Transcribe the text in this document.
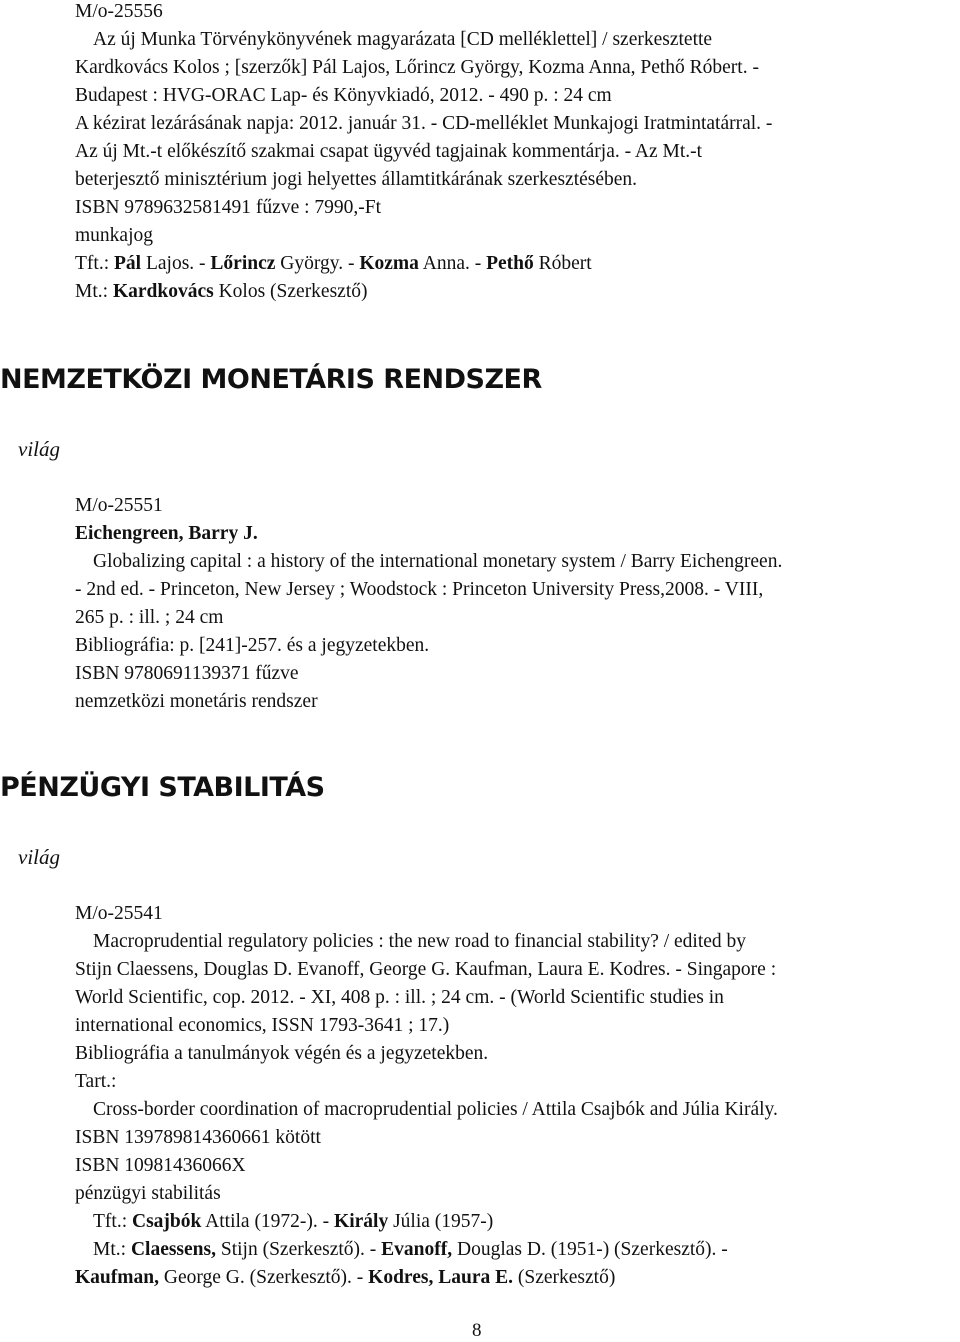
M/o-25556
Az új Munka Törvénykönyvének magyarázata [CD melléklettel] / szerkesztette
Kardkovács Kolos ; [szerzők] Pál Lajos, Lőrincz György, Kozma Anna, Pethő Róbert. -
Budapest : HVG-ORAC Lap- és Könyvkiadó, 2012. - 490 p. : 24 cm
A kézirat lezárásának napja: 2012. január 31. - CD-melléklet Munkajogi Iratmintatárral. -
Az új Mt.-t előkészítő szakmai csapat ügyvéd tagjainak kommentárja. - Az Mt.-t
beterjesztő minisztérium jogi helyettes államtitkárának szerkesztésében.
ISBN 9789632581491 fűzve : 7990,-Ft
munkajog
Tft.: Pál Lajos. - Lőrincz György. - Kozma Anna. - Pethő Róbert
Mt.: Kardkovács Kolos (Szerkesztő)
NEMZETKÖZI MONETÁRIS RENDSZER
világ
M/o-25551
Eichengreen, Barry J.
Globalizing capital : a history of the international monetary system / Barry Eichengreen.
- 2nd ed. - Princeton, New Jersey ; Woodstock : Princeton University Press,2008. - VIII,
265 p. : ill. ; 24 cm
Bibliográfia: p. [241]-257. és a jegyzetekben.
ISBN 9780691139371 fűzve
nemzetközi monetáris rendszer
PÉNZÜGYI STABILITÁS
világ
M/o-25541
Macroprudential regulatory policies : the new road to financial stability? / edited by
Stijn Claessens, Douglas D. Evanoff, George G. Kaufman, Laura E. Kodres. - Singapore :
World Scientific, cop. 2012. - XI, 408 p. : ill. ; 24 cm. - (World Scientific studies in
international economics, ISSN 1793-3641 ; 17.)
Bibliográfia a tanulmányok végén és a jegyzetekben.
Tart.:
Cross-border coordination of macroprudential policies / Attila Csajbók and Júlia Király.
ISBN 139789814360661 kötött
ISBN 10981436066X
pénzügyi stabilitás
Tft.: Csajbók Attila (1972-). - Király Júlia (1957-)
Mt.: Claessens, Stijn (Szerkesztő). - Evanoff, Douglas D. (1951-) (Szerkesztő). -
Kaufman, George G. (Szerkesztő). - Kodres, Laura E. (Szerkesztő)
8
